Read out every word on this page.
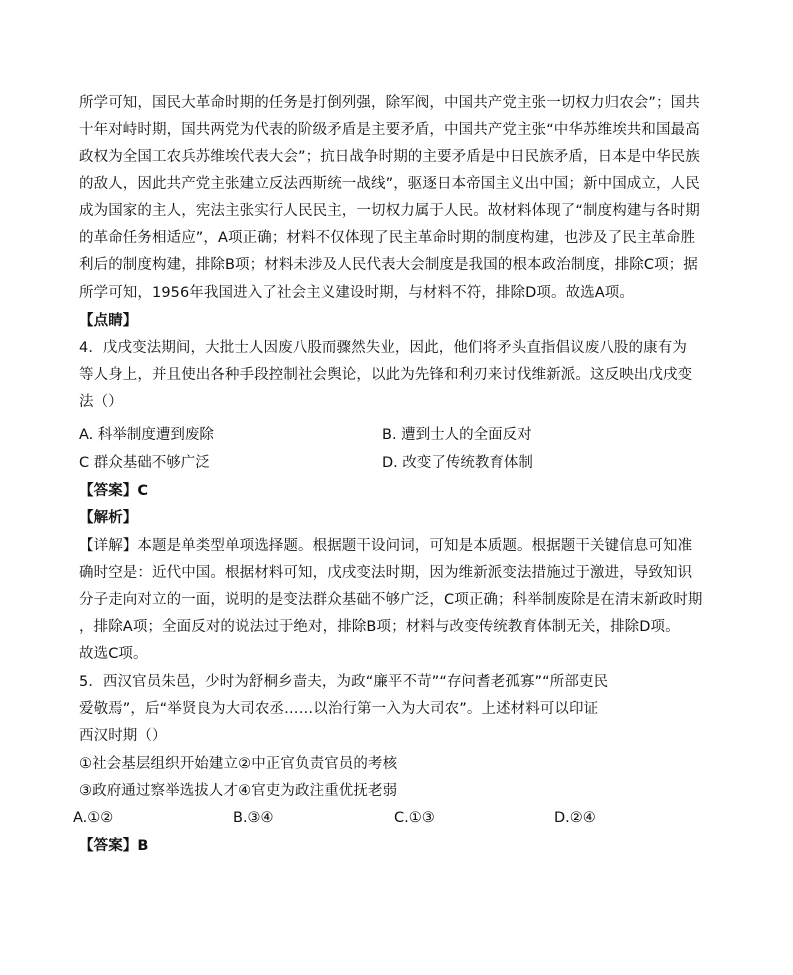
所学可知，国民大革命时期的任务是打倒列强，除军阀，中国共产党主张一切权力归农会”；国共
十年对峙时期，国共两党为代表的阶级矛盾是主要矛盾，中国共产党主张“中华苏维埃共和国最高
政权为全国工农兵苏维埃代表大会”；抗日战争时期的主要矛盾是中日民族矛盾，日本是中华民族
的敌人，因此共产党主张建立反法西斯统一战线”，驱逐日本帝国主义出中国；新中国成立，人民
成为国家的主人，宪法主张实行人民民主，一切权力属于人民。故材料体现了“制度构建与各时期
的革命任务相适应”，A项正确；材料不仅体现了民主革命时期的制度构建，也涉及了民主革命胜
利后的制度构建，排除B项；材料未涉及人民代表大会制度是我国的根本政治制度，排除C项；据
所学可知，1956年我国进入了社会主义建设时期，与材料不符，排除D项。故选A项。
【点睛】
4．戊戌变法期间，大批士人因废八股而骤然失业，因此，他们将矛头直指倡议废八股的康有为
等人身上，并且使出各种手段控制社会舆论，以此为先锋和利刃来讨伐维新派。这反映出戊戌变
法（）
A. 科举制度遭到废除	B. 遭到士人的全面反对
C 群众基础不够广泛	D. 改变了传统教育体制
【答案】C
【解析】
【详解】本题是单类型单项选择题。根据题干设问词，可知是本质题。根据题干关键信息可知准
确时空是：近代中国。根据材料可知，戊戌变法时期，因为维新派变法措施过于激进，导致知识
分子走向对立的一面，说明的是变法群众基础不够广泛，C项正确；科举制废除是在清末新政时期
，排除A项；全面反对的说法过于绝对，排除B项；材料与改变传统教育体制无关，排除D项。
故选C项。
5．西汉官员朱邑，少时为舒桐乡啬夫，为政“廉平不苛”“存问耆老孤寡”“所部吏民
爱敬焉”，后“举贤良为大司农丞……以治行第一入为大司农”。上述材料可以印证
西汉时期（）
①社会基层组织开始建立②中正官负责官员的考核
③政府通过察举选拔人才④官吏为政注重优抚老弱
A.①②	B.③④	C.①③	D.②④
【答案】B
